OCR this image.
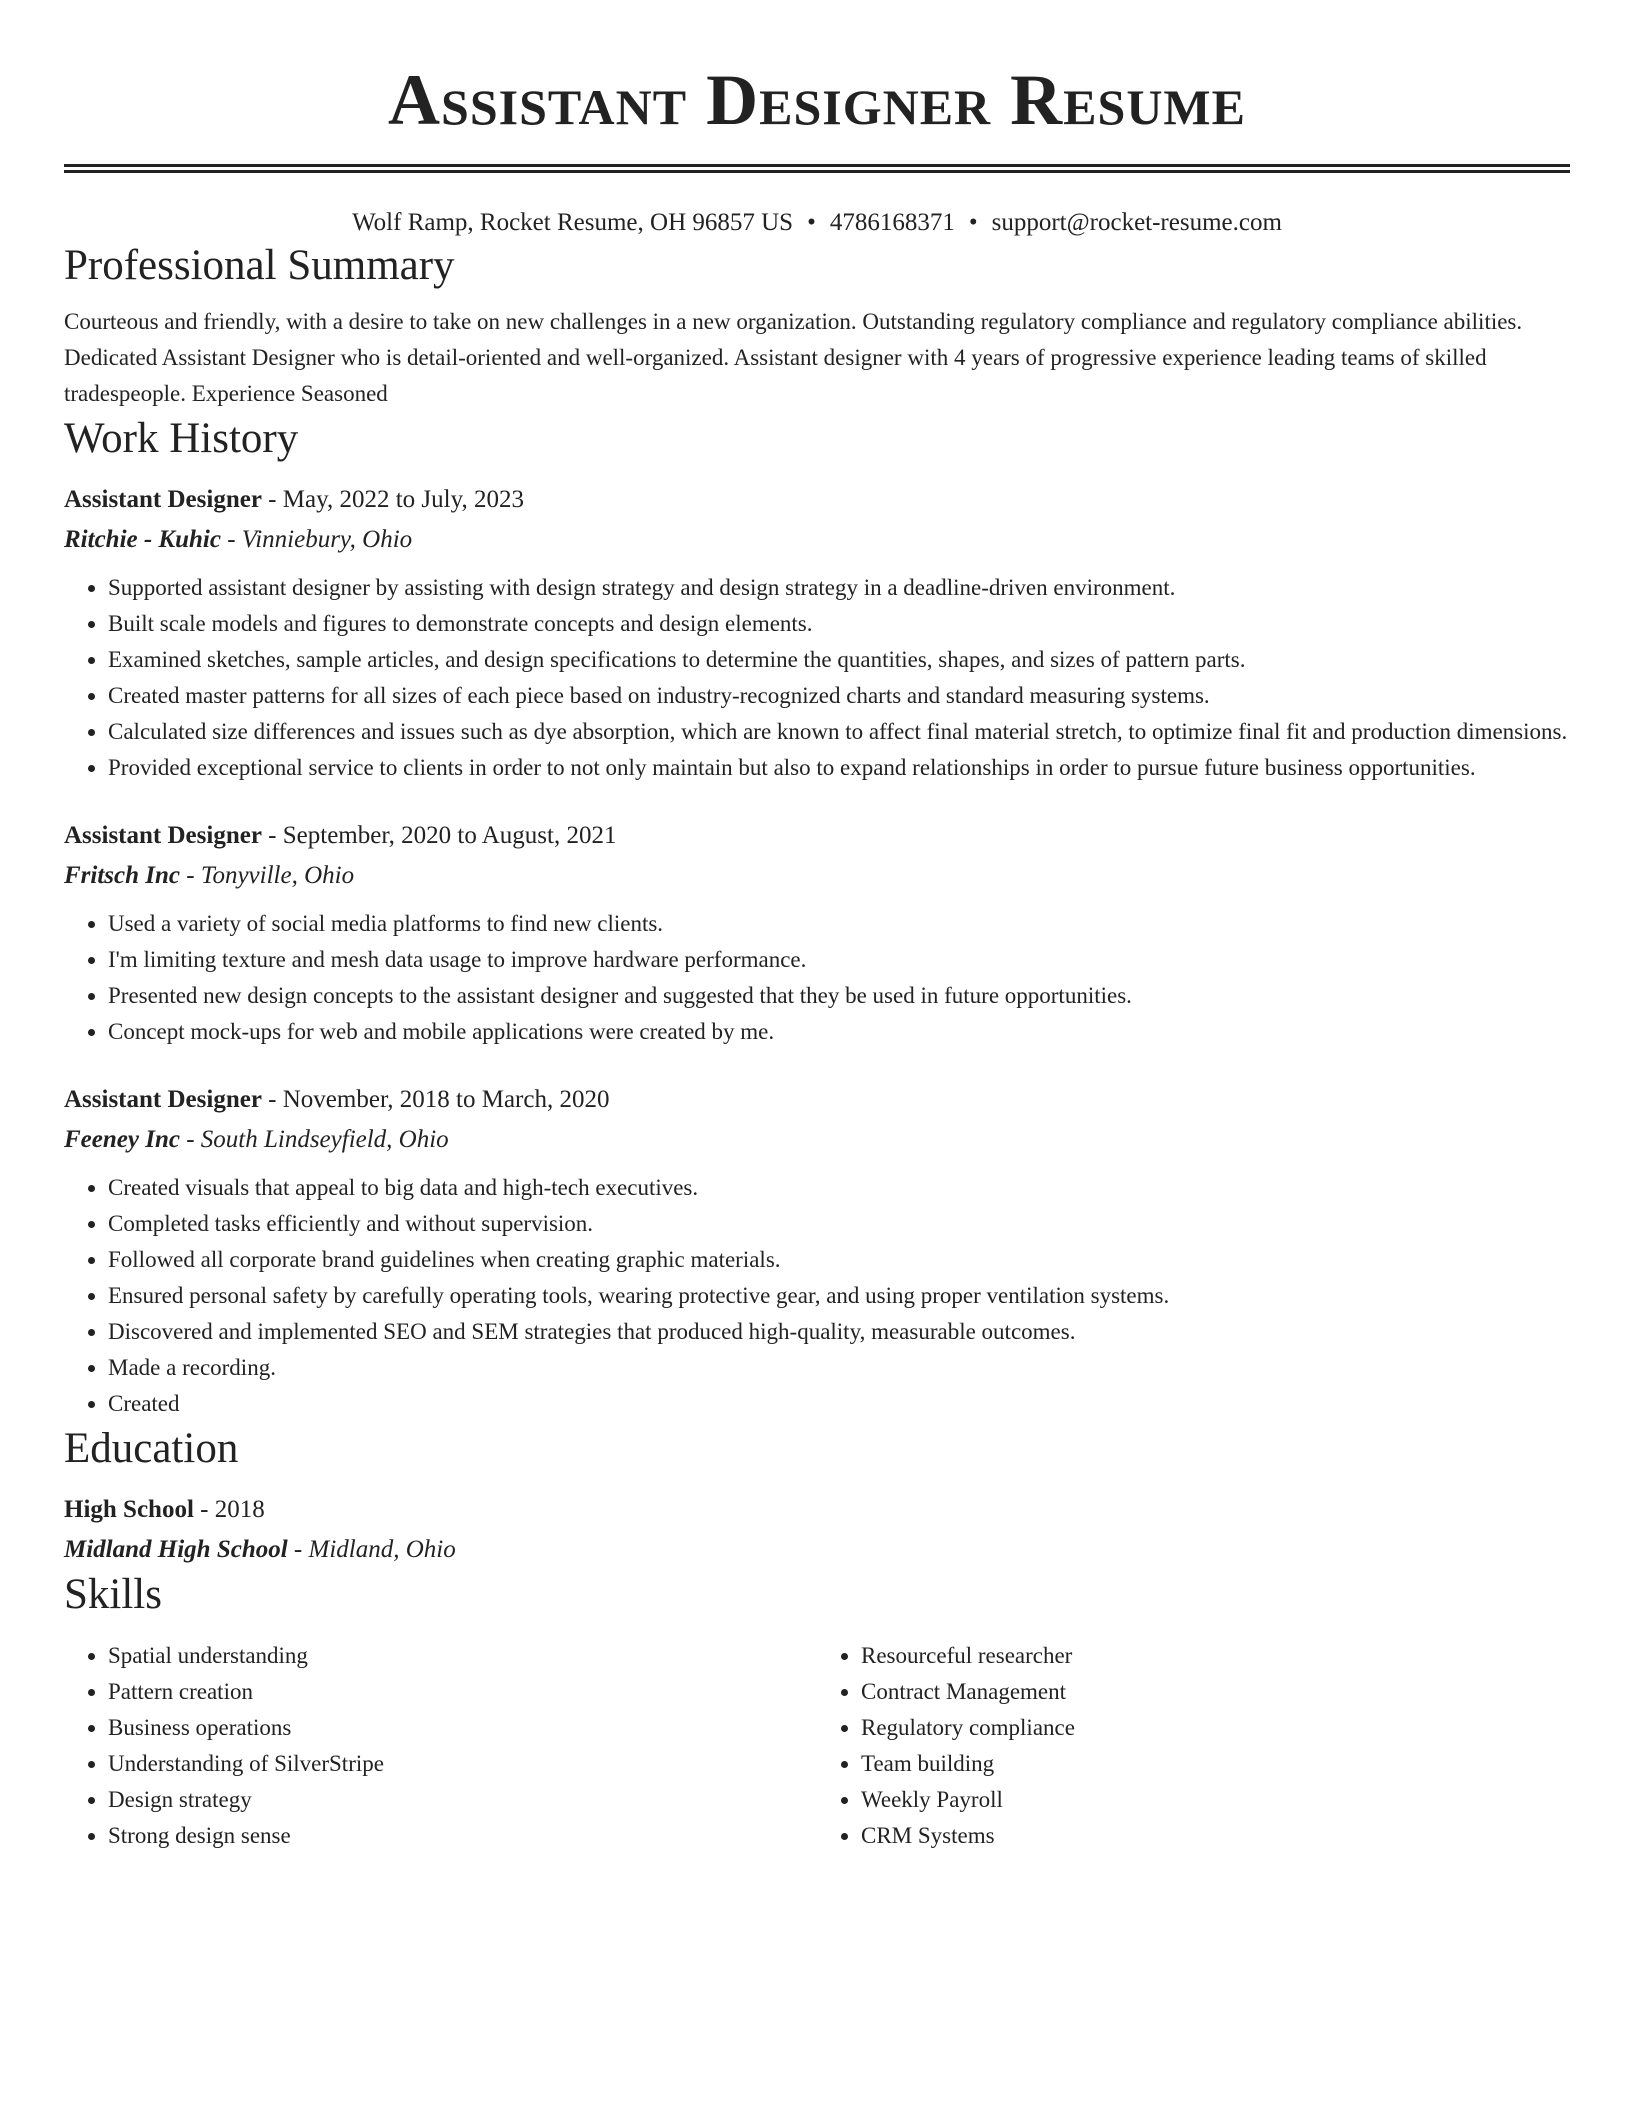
Assistant Designer Resume
Wolf Ramp, Rocket Resume, OH 96857 US • 4786168371 • support@rocket-resume.com
Professional Summary
Courteous and friendly, with a desire to take on new challenges in a new organization. Outstanding regulatory compliance and regulatory compliance abilities. Dedicated Assistant Designer who is detail-oriented and well-organized. Assistant designer with 4 years of progressive experience leading teams of skilled tradespeople. Experience Seasoned
Work History
Assistant Designer - May, 2022 to July, 2023
Ritchie - Kuhic - Vinniebury, Ohio
• Supported assistant designer by assisting with design strategy and design strategy in a deadline-driven environment.
• Built scale models and figures to demonstrate concepts and design elements.
• Examined sketches, sample articles, and design specifications to determine the quantities, shapes, and sizes of pattern parts.
• Created master patterns for all sizes of each piece based on industry-recognized charts and standard measuring systems.
• Calculated size differences and issues such as dye absorption, which are known to affect final material stretch, to optimize final fit and production dimensions.
• Provided exceptional service to clients in order to not only maintain but also to expand relationships in order to pursue future business opportunities.
Assistant Designer - September, 2020 to August, 2021
Fritsch Inc - Tonyville, Ohio
• Used a variety of social media platforms to find new clients.
• I'm limiting texture and mesh data usage to improve hardware performance.
• Presented new design concepts to the assistant designer and suggested that they be used in future opportunities.
• Concept mock-ups for web and mobile applications were created by me.
Assistant Designer - November, 2018 to March, 2020
Feeney Inc - South Lindseyfield, Ohio
• Created visuals that appeal to big data and high-tech executives.
• Completed tasks efficiently and without supervision.
• Followed all corporate brand guidelines when creating graphic materials.
• Ensured personal safety by carefully operating tools, wearing protective gear, and using proper ventilation systems.
• Discovered and implemented SEO and SEM strategies that produced high-quality, measurable outcomes.
• Made a recording.
• Created
Education
High School - 2018
Midland High School - Midland, Ohio
Skills
• Spatial understanding
• Pattern creation
• Business operations
• Understanding of SilverStripe
• Design strategy
• Strong design sense
• Resourceful researcher
• Contract Management
• Regulatory compliance
• Team building
• Weekly Payroll
• CRM Systems
